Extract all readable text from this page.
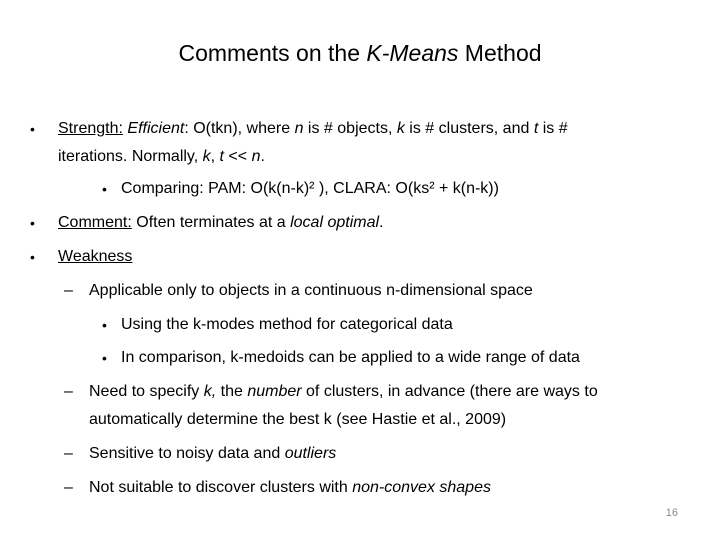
Comments on the K-Means Method
• Strength: Efficient: O(tkn), where n is # objects, k is # clusters, and t is #
iterations. Normally, k, t << n.
• Comparing: PAM: O(k(n-k)² ), CLARA: O(ks² + k(n-k))
• Comment: Often terminates at a local optimal.
• Weakness
– Applicable only to objects in a continuous n-dimensional space
• Using the k-modes method for categorical data
• In comparison, k-medoids can be applied to a wide range of data
– Need to specify k, the number of clusters, in advance (there are ways to
automatically determine the best k (see Hastie et al., 2009)
– Sensitive to noisy data and outliers
– Not suitable to discover clusters with non-convex shapes
16
